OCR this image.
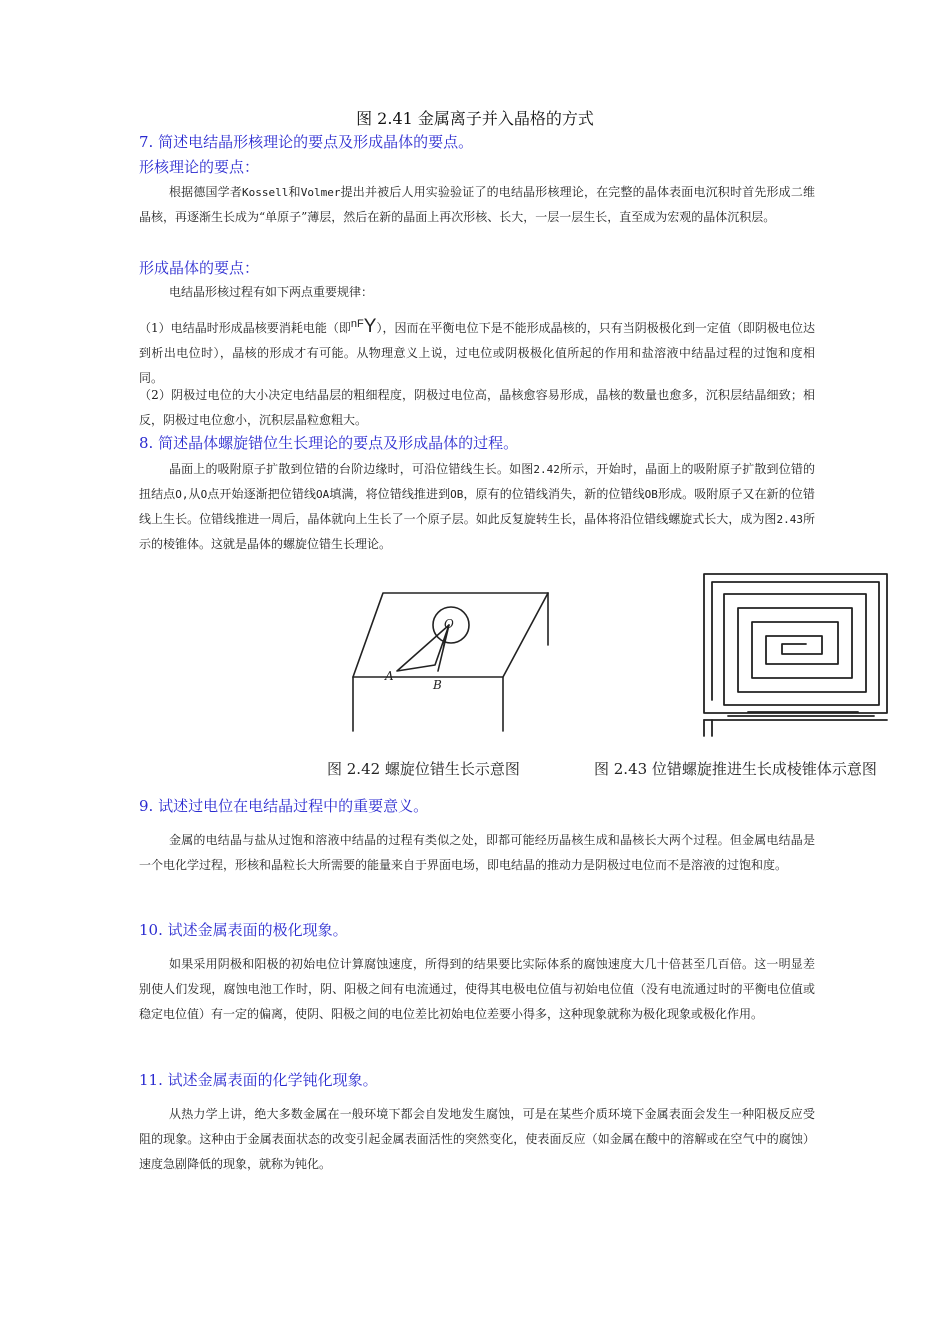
图 2.41 金属离子并入晶格的方式
7. 简述电结晶形核理论的要点及形成晶体的要点。
形核理论的要点：
根据德国学者Kossell和Volmer提出并被后人用实验验证了的电结晶形核理论，在完整的晶体表面电沉积时首先形成二维晶核，再逐渐生长成为“单原子”薄层，然后在新的晶面上再次形核、长大，一层一层生长，直至成为宏观的晶体沉积层。
形成晶体的要点：
电结晶形核过程有如下两点重要规律：
（1）电结晶时形成晶核要消耗电能（即nFY），因而在平衡电位下是不能形成晶核的，只有当阴极极化到一定值（即阴极电位达到析出电位时），晶核的形成才有可能。从物理意义上说，过电位或阴极极化值所起的作用和盐溶液中结晶过程的过饱和度相同。
（2）阴极过电位的大小决定电结晶层的粗细程度，阴极过电位高，晶核愈容易形成，晶核的数量也愈多，沉积层结晶细致；相反，阴极过电位愈小，沉积层晶粒愈粗大。
8. 简述晶体螺旋错位生长理论的要点及形成晶体的过程。
晶面上的吸附原子扩散到位错的台阶边缘时，可沿位错线生长。如图2.42所示，开始时，晶面上的吸附原子扩散到位错的扭结点O,从O点开始逐渐把位错线OA填满，将位错线推进到OB，原有的位错线消失，新的位错线OB形成。吸附原子又在新的位错线上生长。位错线推进一周后，晶体就向上生长了一个原子层。如此反复旋转生长，晶体将沿位错线螺旋式长大，成为图2.43所示的棱锥体。这就是晶体的螺旋位错生长理论。
O
A
B
图 2.42 螺旋位错生长示意图	图 2.43 位错螺旋推进生长成棱锥体示意图
9. 试述过电位在电结晶过程中的重要意义。
金属的电结晶与盐从过饱和溶液中结晶的过程有类似之处，即都可能经历晶核生成和晶核长大两个过程。但金属电结晶是一个电化学过程，形核和晶粒长大所需要的能量来自于界面电场，即电结晶的推动力是阴极过电位而不是溶液的过饱和度。
10. 试述金属表面的极化现象。
如果采用阴极和阳极的初始电位计算腐蚀速度，所得到的结果要比实际体系的腐蚀速度大几十倍甚至几百倍。这一明显差别使人们发现，腐蚀电池工作时，阴、阳极之间有电流通过，使得其电极电位值与初始电位值（没有电流通过时的平衡电位值或稳定电位值）有一定的偏离，使阴、阳极之间的电位差比初始电位差要小得多，这种现象就称为极化现象或极化作用。
11. 试述金属表面的化学钝化现象。
从热力学上讲，绝大多数金属在一般环境下都会自发地发生腐蚀，可是在某些介质环境下金属表面会发生一种阳极反应受阻的现象。这种由于金属表面状态的改变引起金属表面活性的突然变化，使表面反应（如金属在酸中的溶解或在空气中的腐蚀）速度急剧降低的现象，就称为钝化。
